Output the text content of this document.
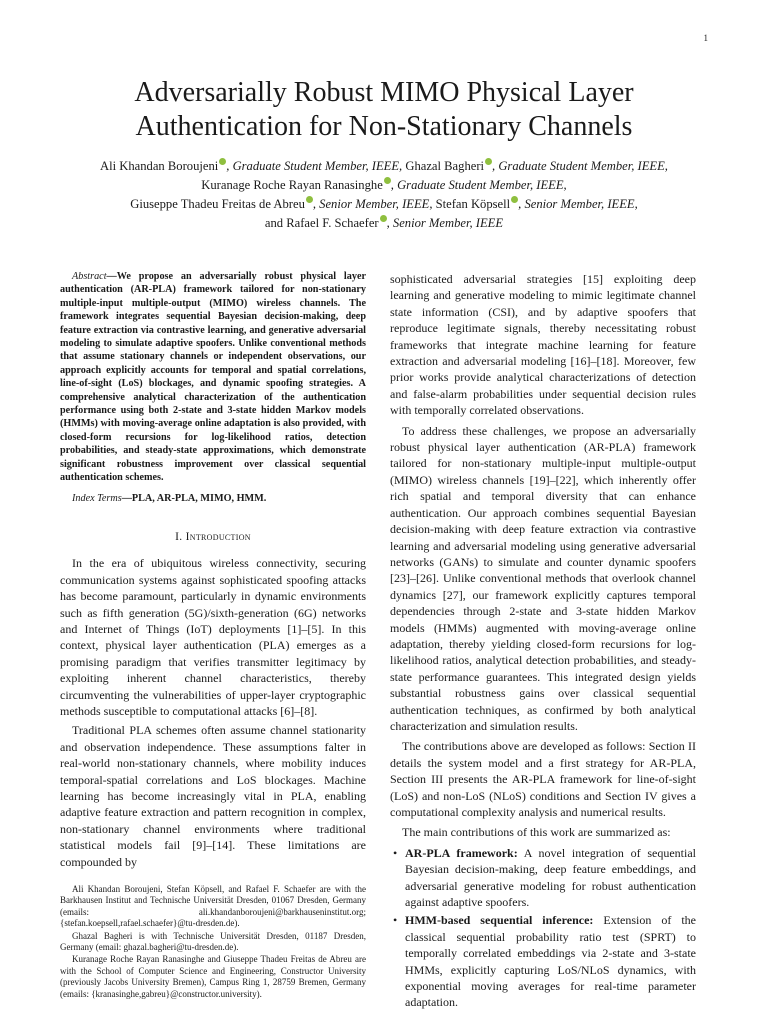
1
Adversarially Robust MIMO Physical Layer
Authentication for Non-Stationary Channels
Ali Khandan Boroujeni , Graduate Student Member, IEEE, Ghazal Bagheri , Graduate Student Member, IEEE,
Kuranage Roche Rayan Ranasinghe , Graduate Student Member, IEEE,
Giuseppe Thadeu Freitas de Abreu , Senior Member, IEEE, Stefan Köpsell , Senior Member, IEEE,
and Rafael F. Schaefer , Senior Member, IEEE

Abstract—We propose an adversarially robust physical layer authentication (AR-PLA) framework tailored for non-stationary multiple-input multiple-output (MIMO) wireless channels. The framework integrates sequential Bayesian decision-making, deep feature extraction via contrastive learning, and generative adversarial modeling to simulate adaptive spoofers. Unlike conventional methods that assume stationary channels or independent observations, our approach explicitly accounts for temporal and spatial correlations, line-of-sight (LoS) blockages, and dynamic spoofing strategies. A comprehensive analytical characterization of the authentication performance using both 2-state and 3-state hidden Markov models (HMMs) with moving-average online adaptation is also provided, with closed-form recursions for log-likelihood ratios, detection probabilities, and steady-state approximations, which demonstrate significant robustness improvement over classical sequential authentication schemes.

Index Terms—PLA, AR-PLA, MIMO, HMM.

I. Introduction

In the era of ubiquitous wireless connectivity, securing communication systems against sophisticated spoofing attacks has become paramount, particularly in dynamic environments such as fifth generation (5G)/sixth-generation (6G) networks and Internet of Things (IoT) deployments [1]–[5]. In this context, physical layer authentication (PLA) emerges as a promising paradigm that verifies transmitter legitimacy by exploiting inherent channel characteristics, thereby circumventing the vulnerabilities of upper-layer cryptographic methods susceptible to computational attacks [6]–[8].

Traditional PLA schemes often assume channel stationarity and observation independence. These assumptions falter in real-world non-stationary channels, where mobility induces temporal-spatial correlations and LoS blockages. Machine learning has become increasingly vital in PLA, enabling adaptive feature extraction and pattern recognition in complex, non-stationary channel environments where traditional statistical models fail [9]–[14]. These limitations are compounded by

Ali Khandan Boroujeni, Stefan Köpsell, and Rafael F. Schaefer are with the Barkhausen Institut and Technische Universität Dresden, 01067 Dresden, Germany (emails: ali.khandanboroujeni@barkhauseninstitut.org; {stefan.koepsell,rafael.schaefer}@tu-dresden.de).

Ghazal Bagheri is with Technische Universität Dresden, 01187 Dresden, Germany (email: ghazal.bagheri@tu-dresden.de).

Kuranage Roche Rayan Ranasinghe and Giuseppe Thadeu Freitas de Abreu are with the School of Computer Science and Engineering, Constructor University (previously Jacobs University Bremen), Campus Ring 1, 28759 Bremen, Germany (emails: {kranasinghe,gabreu}@constructor.university).

sophisticated adversarial strategies [15] exploiting deep learning and generative modeling to mimic legitimate channel state information (CSI), and by adaptive spoofers that reproduce legitimate signals, thereby necessitating robust frameworks that integrate machine learning for feature extraction and adversarial modeling [16]–[18]. Moreover, few prior works provide analytical characterizations of detection and false-alarm probabilities under sequential decision rules with temporally correlated observations.

To address these challenges, we propose an adversarially robust physical layer authentication (AR-PLA) framework tailored for non-stationary multiple-input multiple-output (MIMO) wireless channels [19]–[22], which inherently offer rich spatial and temporal diversity that can enhance authentication. Our approach combines sequential Bayesian decision-making with deep feature extraction via contrastive learning and adversarial modeling using generative adversarial networks (GANs) to simulate and counter dynamic spoofers [23]–[26]. Unlike conventional methods that overlook channel dynamics [27], our framework explicitly captures temporal dependencies through 2-state and 3-state hidden Markov models (HMMs) augmented with moving-average online adaptation, thereby yielding closed-form recursions for log-likelihood ratios, analytical detection probabilities, and steady-state performance guarantees. This integrated design yields substantial robustness gains over classical sequential authentication techniques, as confirmed by both analytical characterization and simulation results.

The contributions above are developed as follows: Section II details the system model and a first strategy for AR-PLA, Section III presents the AR-PLA framework for line-of-sight (LoS) and non-LoS (NLoS) conditions and Section IV gives a computational complexity analysis and numerical results.

The main contributions of this work are summarized as:

• AR-PLA framework: A novel integration of sequential Bayesian decision-making, deep feature embeddings, and adversarial generative modeling for robust authentication against adaptive spoofers.
• HMM-based sequential inference: Extension of the classical sequential probability ratio test (SPRT) to temporally correlated embeddings via 2-state and 3-state HMMs, explicitly capturing LoS/NLoS dynamics, with exponential moving averages for real-time parameter adaptation.
